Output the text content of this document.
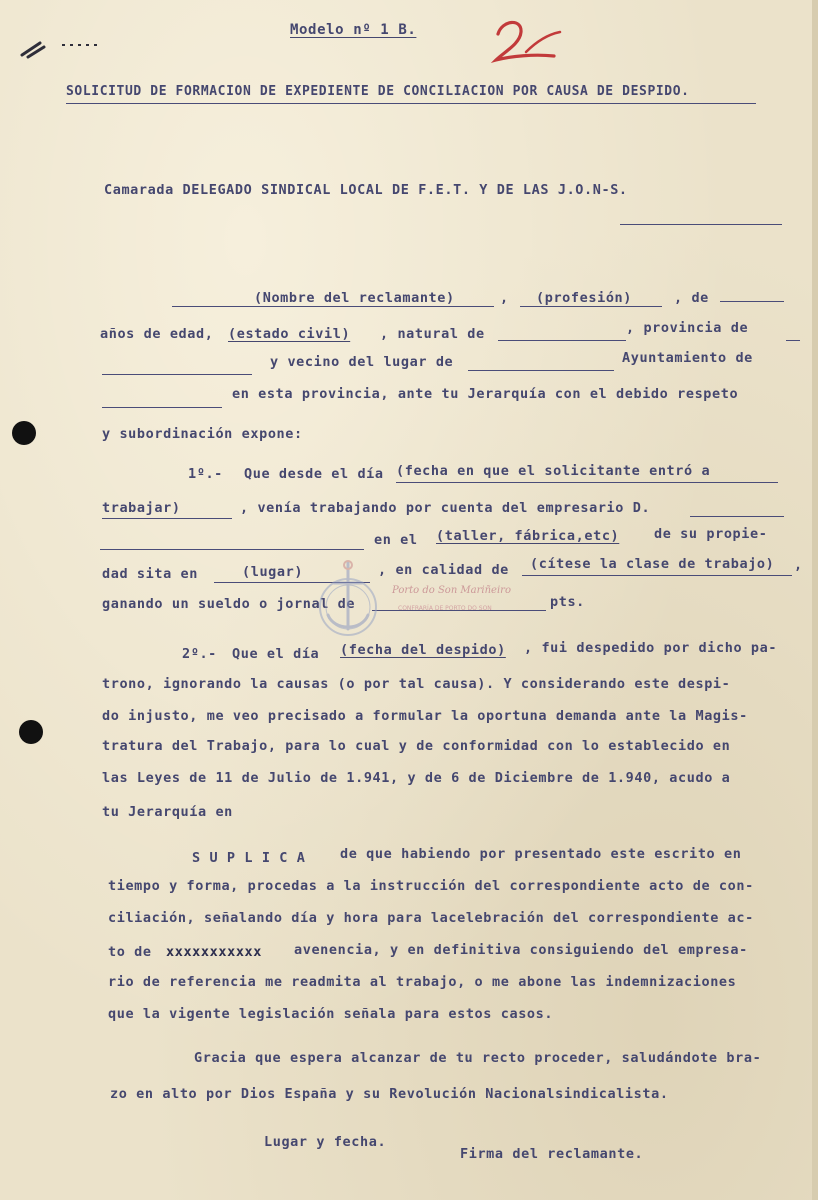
Modelo nº 1 B.
SOLICITUD DE FORMACION DE EXPEDIENTE DE CONCILIACION POR CAUSA DE DESPIDO.
Camarada DELEGADO SINDICAL LOCAL DE F.E.T. Y DE LAS J.O.N-S.
(Nombre del reclamante)	, (profesión)	, de
años de edad, (estado civil) , natural de	, provincia de
y vecino del lugar de	Ayuntamiento de
en esta provincia, ante tu Jerarquía con el debido respeto
y subordinación expone:
1º.- Que desde el día (fecha en que el solicitante entró a
trabajar)	, venía trabajando por cuenta del empresario D.
en el (taller, fábrica,etc)	de su propie-
dad sita en	(lugar)	, en calidad de (cítese la clase de trabajo) ,
ganando un sueldo o jornal de	pts.
Porto do Son Mariñeiro
CONFRARÍA DE PORTO DO SON
2º.- Que el día (fecha del despido) , fui despedido por dicho pa-
trono, ignorando la causas (o por tal causa). Y considerando este despi-
do injusto, me veo precisado a formular la oportuna demanda ante la Magis-
tratura del Trabajo, para lo cual y de conformidad con lo establecido en
las Leyes de 11 de Julio de 1.941, y de 6 de Diciembre de 1.940, acudo a
tu Jerarquía en
S U P L I C A	de que habiendo por presentado este escrito en
tiempo y forma, procedas a la instrucción del correspondiente acto de con-
ciliación, señalando día y hora para lacelebración del correspondiente ac-
to de xxxxxxxxxxx avenencia, y en definitiva consiguiendo del empresa-
rio de referencia me readmita al trabajo, o me abone las indemnizaciones
que la vigente legislación señala para estos casos.
Gracia que espera alcanzar de tu recto proceder, saludándote bra-
zo en alto por Dios España y su Revolución Nacionalsindicalista.
Lugar y fecha.
Firma del reclamante.
